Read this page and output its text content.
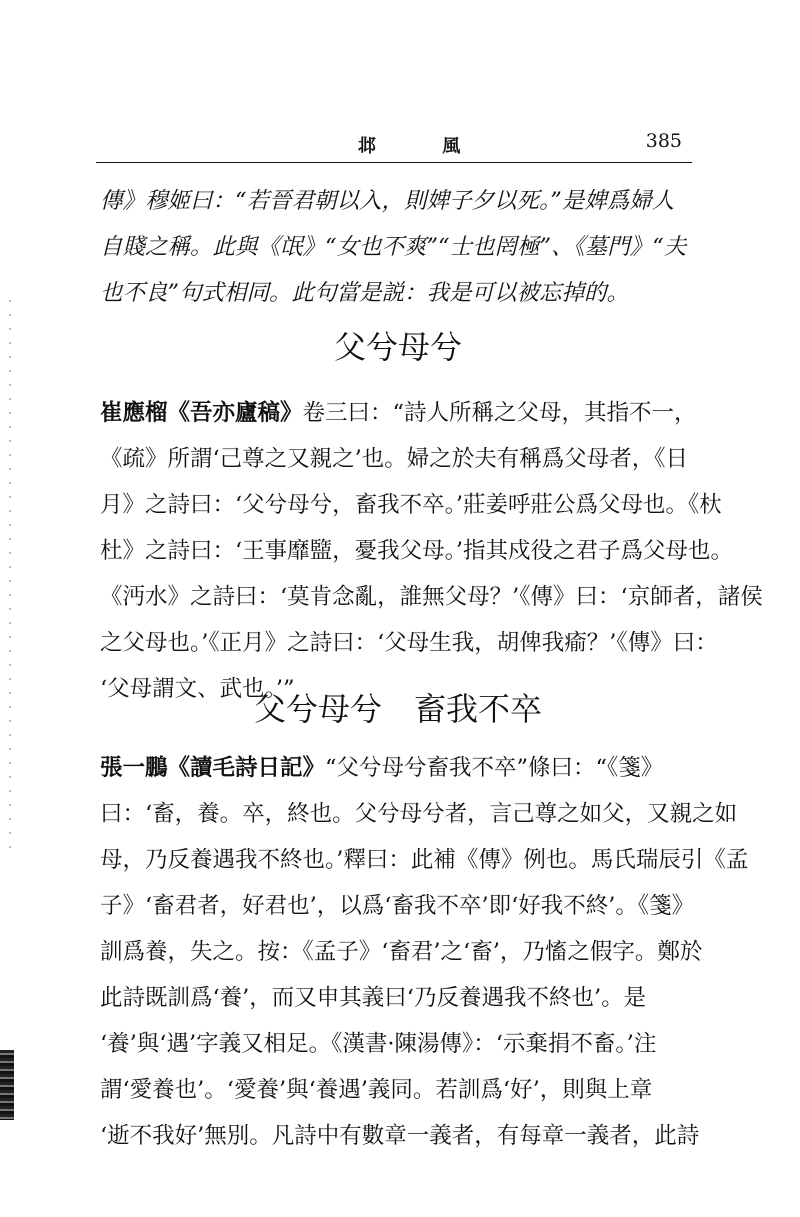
邶 風	385
傳》穆姬曰：“若晉君朝以入，則婢子夕以死。”是婢爲婦人
自賤之稱。此與《氓》“女也不爽”“士也罔極”、《墓門》“夫
也不良”句式相同。此句當是説：我是可以被忘掉的。
父兮母兮
崔應榴《吾亦廬稿》卷三曰：“詩人所稱之父母，其指不一，
《疏》所謂‘己尊之又親之’也。婦之於夫有稱爲父母者，《日
月》之詩曰：‘父兮母兮，畜我不卒。’莊姜呼莊公爲父母也。《杕
杜》之詩曰：‘王事靡盬，憂我父母。’指其戍役之君子爲父母也。
《沔水》之詩曰：‘莫肯念亂，誰無父母？’《傳》曰：‘京師者，諸侯
之父母也。’《正月》之詩曰：‘父母生我，胡俾我瘉？’《傳》曰：
‘父母謂文、武也。’”
父兮母兮　畜我不卒
張一鵬《讀毛詩日記》“父兮母兮畜我不卒”條曰：“《箋》
曰：‘畜，養。卒，終也。父兮母兮者，言己尊之如父，又親之如
母，乃反養遇我不終也。’釋曰：此補《傳》例也。馬氏瑞辰引《孟
子》‘畜君者，好君也’，以爲‘畜我不卒’即‘好我不終’。《箋》
訓爲養，失之。按：《孟子》‘畜君’之‘畜’，乃慉之假字。鄭於
此詩既訓爲‘養’，而又申其義曰‘乃反養遇我不終也’。是
‘養’與‘遇’字義又相足。《漢書·陳湯傳》：‘示棄捐不畜。’注
謂‘愛養也’。‘愛養’與‘養遇’義同。若訓爲‘好’，則與上章
‘逝不我好’無別。凡詩中有數章一義者，有每章一義者，此詩
